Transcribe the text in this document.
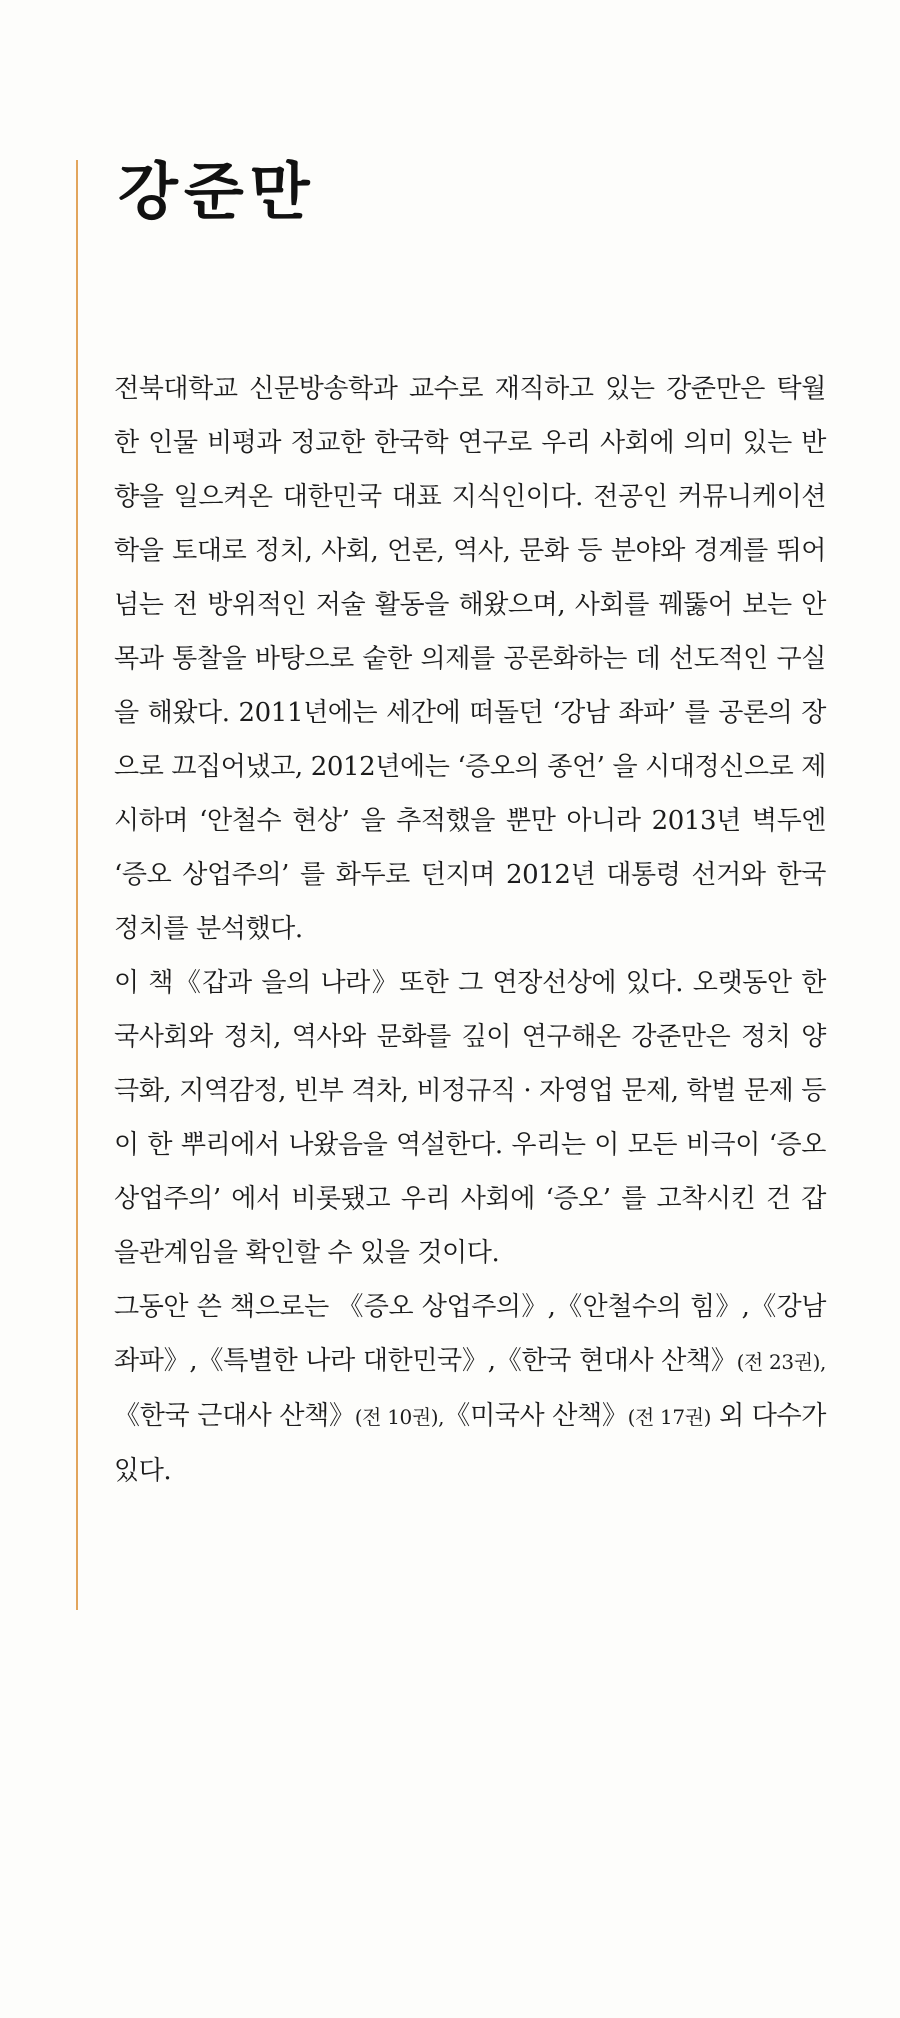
강준만

전북대학교 신문방송학과 교수로 재직하고 있는 강준만은 탁월한 인물 비평과 정교한 한국학 연구로 우리 사회에 의미 있는 반향을 일으켜온 대한민국 대표 지식인이다. 전공인 커뮤니케이션학을 토대로 정치, 사회, 언론, 역사, 문화 등 분야와 경계를 뛰어넘는 전 방위적인 저술 활동을 해왔으며, 사회를 꿰뚫어 보는 안목과 통찰을 바탕으로 숱한 의제를 공론화하는 데 선도적인 구실을 해왔다. 2011년에는 세간에 떠돌던 ‘강남 좌파’ 를 공론의 장으로 끄집어냈고, 2012년에는 ‘증오의 종언’ 을 시대정신으로 제시하며 ‘안철수 현상’ 을 추적했을 뿐만 아니라 2013년 벽두엔 ‘증오 상업주의’ 를 화두로 던지며 2012년 대통령 선거와 한국 정치를 분석했다.

이 책《갑과 을의 나라》또한 그 연장선상에 있다. 오랫동안 한국사회와 정치, 역사와 문화를 깊이 연구해온 강준만은 정치 양극화, 지역감정, 빈부 격차, 비정규직 · 자영업 문제, 학벌 문제 등이 한 뿌리에서 나왔음을 역설한다. 우리는 이 모든 비극이 ‘증오 상업주의’ 에서 비롯됐고 우리 사회에 ‘증오’ 를 고착시킨 건 갑을관계임을 확인할 수 있을 것이다.

그동안 쓴 책으로는 《증오 상업주의》,《안철수의 힘》,《강남 좌파》,《특별한 나라 대한민국》,《한국 현대사 산책》(전 23권),《한국 근대사 산책》(전 10권),《미국사 산책》(전 17권) 외 다수가 있다.
